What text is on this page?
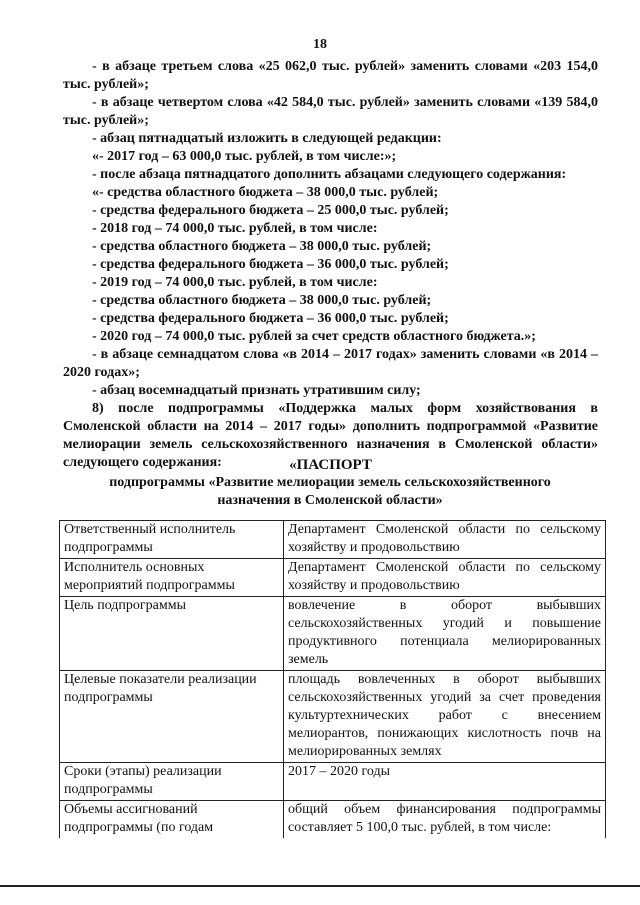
18

- в абзаце третьем слова «25 062,0 тыс. рублей» заменить словами «203 154,0 тыс. рублей»;

- в абзаце четвертом слова «42 584,0 тыс. рублей» заменить словами «139 584,0 тыс. рублей»;

- абзац пятнадцатый изложить в следующей редакции:

«- 2017 год – 63 000,0 тыс. рублей, в том числе:»;

- после абзаца пятнадцатого дополнить абзацами следующего содержания:

«- средства областного бюджета – 38 000,0 тыс. рублей;

- средства федерального бюджета – 25 000,0 тыс. рублей;

- 2018 год – 74 000,0 тыс. рублей, в том числе:

- средства областного бюджета – 38 000,0 тыс. рублей;

- средства федерального бюджета – 36 000,0 тыс. рублей;

- 2019 год – 74 000,0 тыс. рублей, в том числе:

- средства областного бюджета – 38 000,0 тыс. рублей;

- средства федерального бюджета – 36 000,0 тыс. рублей;

- 2020 год – 74 000,0 тыс. рублей за счет средств областного бюджета.»;

- в абзаце семнадцатом слова «в 2014 – 2017 годах» заменить словами «в 2014 – 2020 годах»;

- абзац восемнадцатый признать утратившим силу;

8) после подпрограммы «Поддержка малых форм хозяйствования в Смоленской области на 2014 – 2017 годы» дополнить подпрограммой «Развитие мелиорации земель сельскохозяйственного назначения в Смоленской области» следующего содержания:	«ПАСПОРТ
подпрограммы «Развитие мелиорации земель сельскохозяйственного назначения в Смоленской области»
Ответственный исполнитель подпрограммы	Департамент Смоленской области по сельскому хозяйству и продовольствию
Исполнитель основных мероприятий подпрограммы	Департамент Смоленской области по сельскому хозяйству и продовольствию
Цель подпрограммы	вовлечение в оборот выбывших сельскохозяйственных угодий и повышение продуктивного потенциала мелиорированных земель
Целевые показатели реализации подпрограммы	площадь вовлеченных в оборот выбывших сельскохозяйственных угодий за счет проведения культуртехнических работ с внесением мелиорантов, понижающих кислотность почв на мелиорированных землях
Сроки (этапы) реализации подпрограммы	2017 – 2020 годы
Объемы ассигнований подпрограммы (по годам	общий объем финансирования подпрограммы составляет 5 100,0 тыс. рублей, в том числе:
